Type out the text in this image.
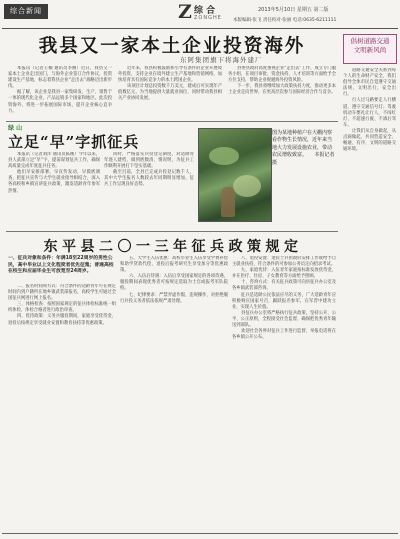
综合新闻	Z 综 合
ZONGHE
2013年5月10日 星期五 第二版
本版编辑·张飞 责任校对·张丽 电话:0635-6211111
我县又一家本土企业投资海外
东阿集团旗下将海外建厂

本报讯（记者王楠 通讯员李刚）近日，我县又一家本土企业走出国门，与海外企业签订合作协议，投资建设生产基地，标志着我县企业“走出去”战略迈出新步伐。

据了解，该企业是我县一家集研发、生产、销售于一体的现代化企业，产品远销多个国家和地区。此次投资海外，将进一步拓展国际市场，提升企业核心竞争力。

近年来，我县积极鼓励和引导有条件的企业开展境外投资，支持企业在境外建立生产基地和营销网络，加快培育具有国际竞争力的本土跨国企业。

该项目计划总投资数千万美元，建成后可实现年产值数亿元，为当地提供大量就业岗位，同时带动我县相关产业协同发展。

县委县政府高度重视企业“走出去”工作，成立专门服务小组，在项目审批、资金扶持、人才培训等方面给予全方位支持，帮助企业规避海外投资风险。

下一步，我县将继续加大政策扶持力度，推动更多本土企业走向世界，在更高层次参与国际经济合作与竞争。

绿 山
立足“早”字抓征兵

本报讯（记者刘洋 通讯员陈刚）今年以来，县人武部立足“早”字，提前谋划征兵工作，确保高质量完成年度征兵任务。

他们早安排部署，早宣传发动，早摸底调查，把征兵宣传与大学生就业指导相结合，深入各高校和乡镇宣讲征兵政策，激发适龄青年参军热情。

同时，严格落实兵役登记制度，对适龄青年逐人建档，做到底数清、情况明，为征兵工作顺利开展打下坚实基础。

截至目前，全县已完成兵役登记数千人，其中大学生报名人数较去年同期明显增加，征兵工作呈现良好态势。

图为某地种植户在大棚内察看作物生长情况，近年来当地大力发展设施农业，带动农民增收致富。　　本报记者摄
东平县二〇一三年征兵政策规定
一、征兵对象和条件：年满18至22周岁的男性公民，高中毕业以上文化程度者优先征集；普通高校在校生和应届毕业生可放宽至24周岁。

二、报名时间和方式：符合条件的适龄青年可在规定时间内到户籍所在地乡镇武装部报名，高校学生可通过全国征兵网进行网上报名。

三、体格检查：按照国家规定的征兵体检标准统一组织体检，体检合格者进行政治审查。

四、优待政策：义务兵服役期间，家庭享受优待金，退役后按规定享受就业安置和教育扶持等优惠政策。

五、大学生入伍优惠：高校毕业生入伍享受学费补偿和助学贷款代偿，退役后报考研究生享受加分等优惠政策。

六、入伍后待遇：入伍后享受国家规定的各项待遇，服役期间表现优秀者可按规定选取为士官或报考军队院校。

七、纪律要求：严禁弄虚作假、违规操作，对拒绝履行兵役义务者依法依规严肃处理。

八、退役安置：退役士兵由政府安排工作或给予自主就业扶持，符合条件的可参加公务员定向招录考试。

九、家庭优待：入伍青年家庭按标准发放优待金，并在医疗、住房、子女教育等方面给予照顾。

十、咨询方式：有关征兵政策可向县征兵办公室及各乡镇武装部咨询。

征兵是适龄公民依法应尽的义务，广大适龄青年应积极响应国家号召，踊跃报名参军，在军营中建功立业，实现人生价值。

县征兵办公室将严格执行征兵政策，坚持公开、公平、公正原则，全程接受社会监督，确保把优秀青年输送到部队。

欢迎社会各界对征兵工作进行监督，举报电话将在各乡镇公开公布。

倡树道路交通
文明新风尚

道路交通安全关系到每个人的生命财产安全，我们倡导全体市民自觉遵守交通法规，文明出行，安全出行。

行人过马路要走人行横道，遵守交通信号灯；驾驶机动车要礼让行人，不闯红灯、不超速行驶、不酒后驾车。

让我们从自身做起，从点滴做起，共同营造安全、畅通、有序、文明的道路交通环境。
